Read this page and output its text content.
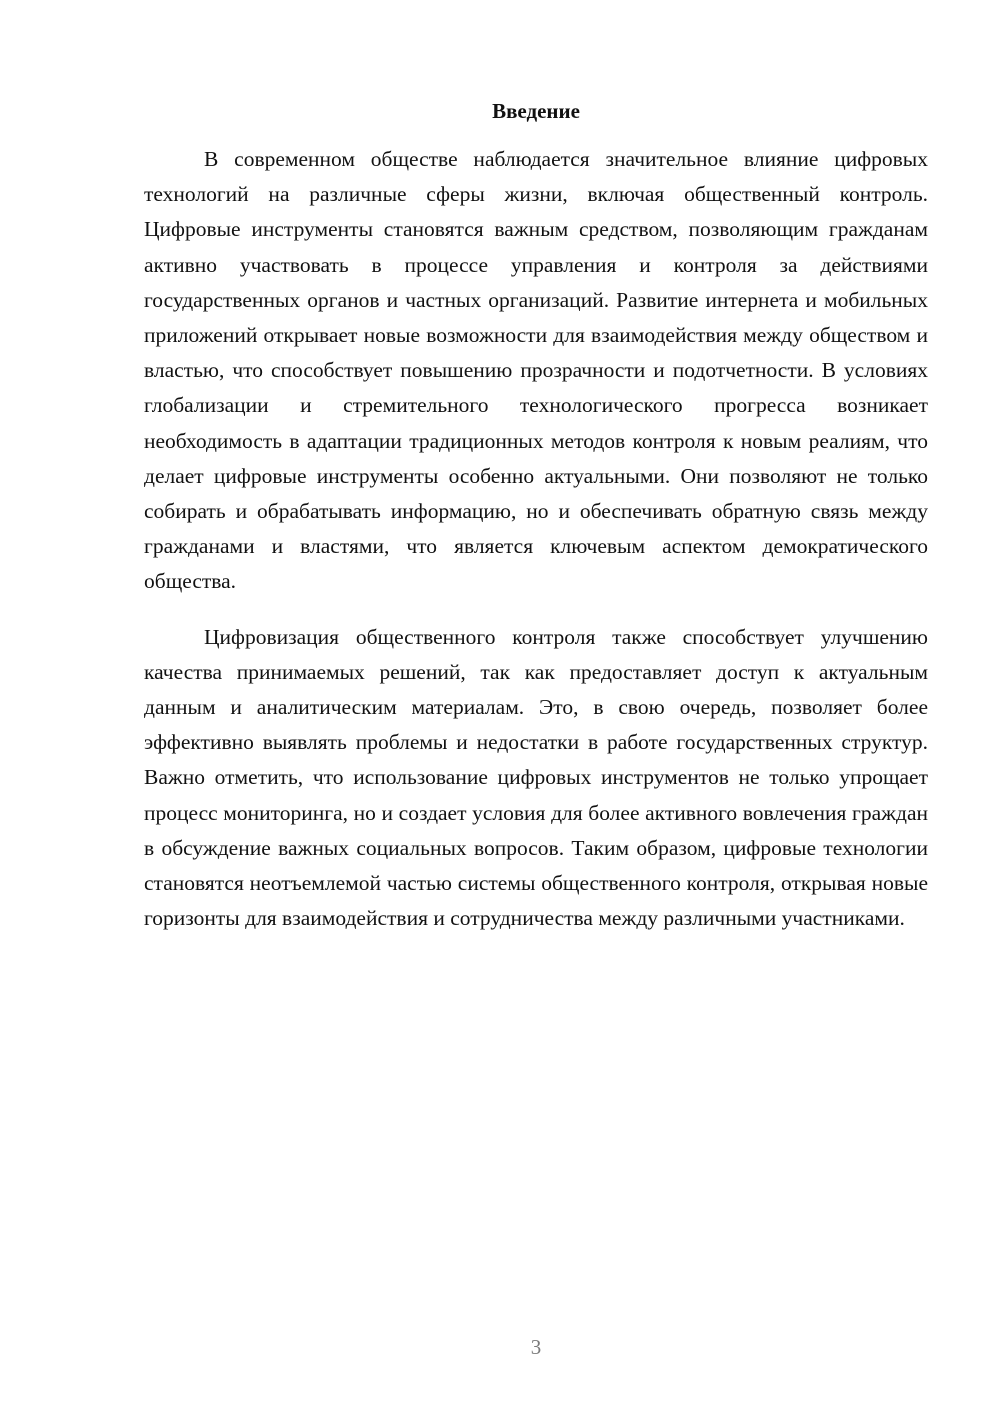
Введение

В современном обществе наблюдается значительное влияние цифровых технологий на различные сферы жизни, включая общественный контроль. Цифровые инструменты становятся важным средством, позволяющим гражданам активно участвовать в процессе управления и контроля за действиями государственных органов и частных организаций. Развитие интернета и мобильных приложений открывает новые возможности для взаимодействия между обществом и властью, что способствует повышению прозрачности и подотчетности. В условиях глобализации и стремительного технологического прогресса возникает необходимость в адаптации традиционных методов контроля к новым реалиям, что делает цифровые инструменты особенно актуальными. Они позволяют не только собирать и обрабатывать информацию, но и обеспечивать обратную связь между гражданами и властями, что является ключевым аспектом демократического общества.

Цифровизация общественного контроля также способствует улучшению качества принимаемых решений, так как предоставляет доступ к актуальным данным и аналитическим материалам. Это, в свою очередь, позволяет более эффективно выявлять проблемы и недостатки в работе государственных структур. Важно отметить, что использование цифровых инструментов не только упрощает процесс мониторинга, но и создает условия для более активного вовлечения граждан в обсуждение важных социальных вопросов. Таким образом, цифровые технологии становятся неотъемлемой частью системы общественного контроля, открывая новые горизонты для взаимодействия и сотрудничества между различными участниками.

3
